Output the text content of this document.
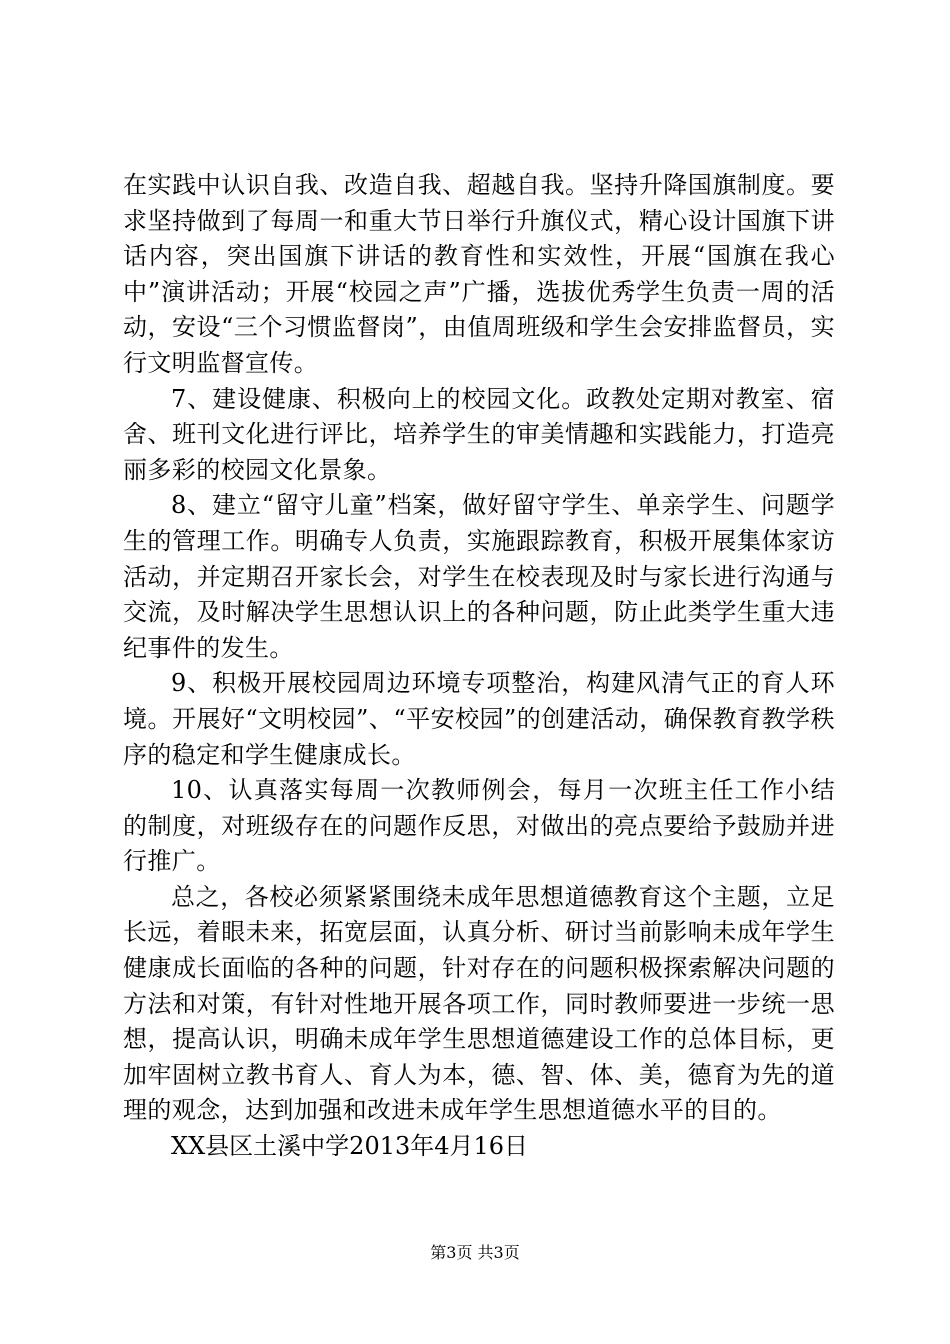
在实践中认识自我、改造自我、超越自我。坚持升降国旗制度。要求坚持做到了每周一和重大节日举行升旗仪式，精心设计国旗下讲话内容，突出国旗下讲话的教育性和实效性，开展“国旗在我心中”演讲活动；开展“校园之声”广播，选拔优秀学生负责一周的活动，安设“三个习惯监督岗”，由值周班级和学生会安排监督员，实行文明监督宣传。

7、建设健康、积极向上的校园文化。政教处定期对教室、宿舍、班刊文化进行评比，培养学生的审美情趣和实践能力，打造亮丽多彩的校园文化景象。

8、建立“留守儿童”档案，做好留守学生、单亲学生、问题学生的管理工作。明确专人负责，实施跟踪教育，积极开展集体家访活动，并定期召开家长会，对学生在校表现及时与家长进行沟通与交流，及时解决学生思想认识上的各种问题，防止此类学生重大违纪事件的发生。

9、积极开展校园周边环境专项整治，构建风清气正的育人环境。开展好“文明校园”、“平安校园”的创建活动，确保教育教学秩序的稳定和学生健康成长。

10、认真落实每周一次教师例会，每月一次班主任工作小结的制度，对班级存在的问题作反思，对做出的亮点要给予鼓励并进行推广。

总之，各校必须紧紧围绕未成年思想道德教育这个主题，立足长远，着眼未来，拓宽层面，认真分析、研讨当前影响未成年学生健康成长面临的各种的问题，针对存在的问题积极探索解决问题的方法和对策，有针对性地开展各项工作，同时教师要进一步统一思想，提高认识，明确未成年学生思想道德建设工作的总体目标，更加牢固树立教书育人、育人为本，德、智、体、美，德育为先的道理的观念，达到加强和改进未成年学生思想道德水平的目的。

XX县区土溪中学2013年4月16日

第3页 共3页
